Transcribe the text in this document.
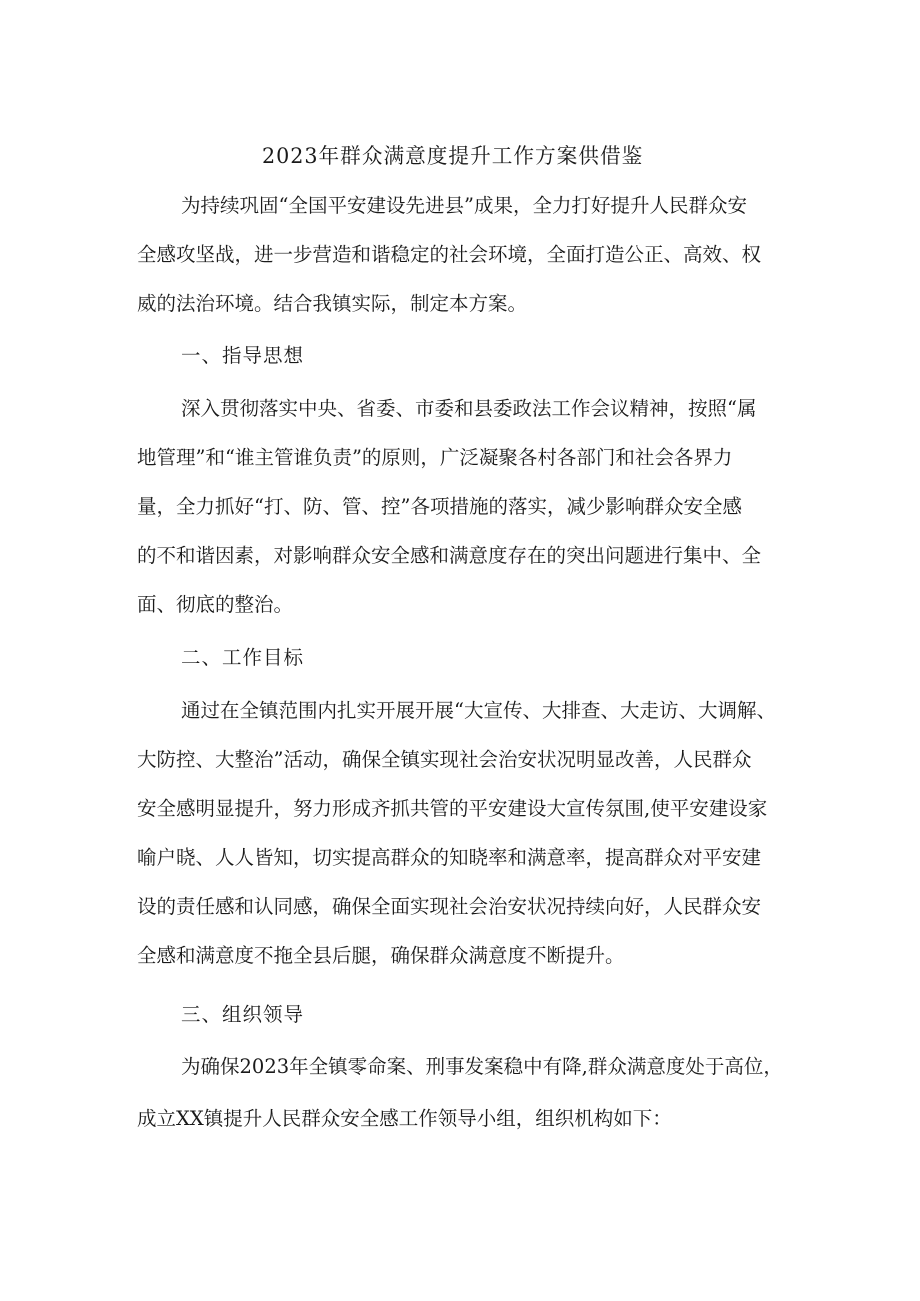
2023年群众满意度提升工作方案供借鉴
为持续巩固“全国平安建设先进县”成果，全力打好提升人民群众安
全感攻坚战，进一步营造和谐稳定的社会环境，全面打造公正、高效、权
威的法治环境。结合我镇实际，制定本方案。
一、指导思想
深入贯彻落实中央、省委、市委和县委政法工作会议精神，按照“属
地管理”和“谁主管谁负责”的原则，广泛凝聚各村各部门和社会各界力
量，全力抓好“打、防、管、控”各项措施的落实，减少影响群众安全感
的不和谐因素，对影响群众安全感和满意度存在的突出问题进行集中、全
面、彻底的整治。
二、工作目标
通过在全镇范围内扎实开展开展“大宣传、大排查、大走访、大调解、
大防控、大整治”活动，确保全镇实现社会治安状况明显改善，人民群众
安全感明显提升，努力形成齐抓共管的平安建设大宣传氛围,使平安建设家
喻户晓、人人皆知，切实提高群众的知晓率和满意率，提高群众对平安建
设的责任感和认同感，确保全面实现社会治安状况持续向好，人民群众安
全感和满意度不拖全县后腿，确保群众满意度不断提升。
三、组织领导
为确保2023年全镇零命案、刑事发案稳中有降,群众满意度处于高位，
成立XX镇提升人民群众安全感工作领导小组，组织机构如下：
